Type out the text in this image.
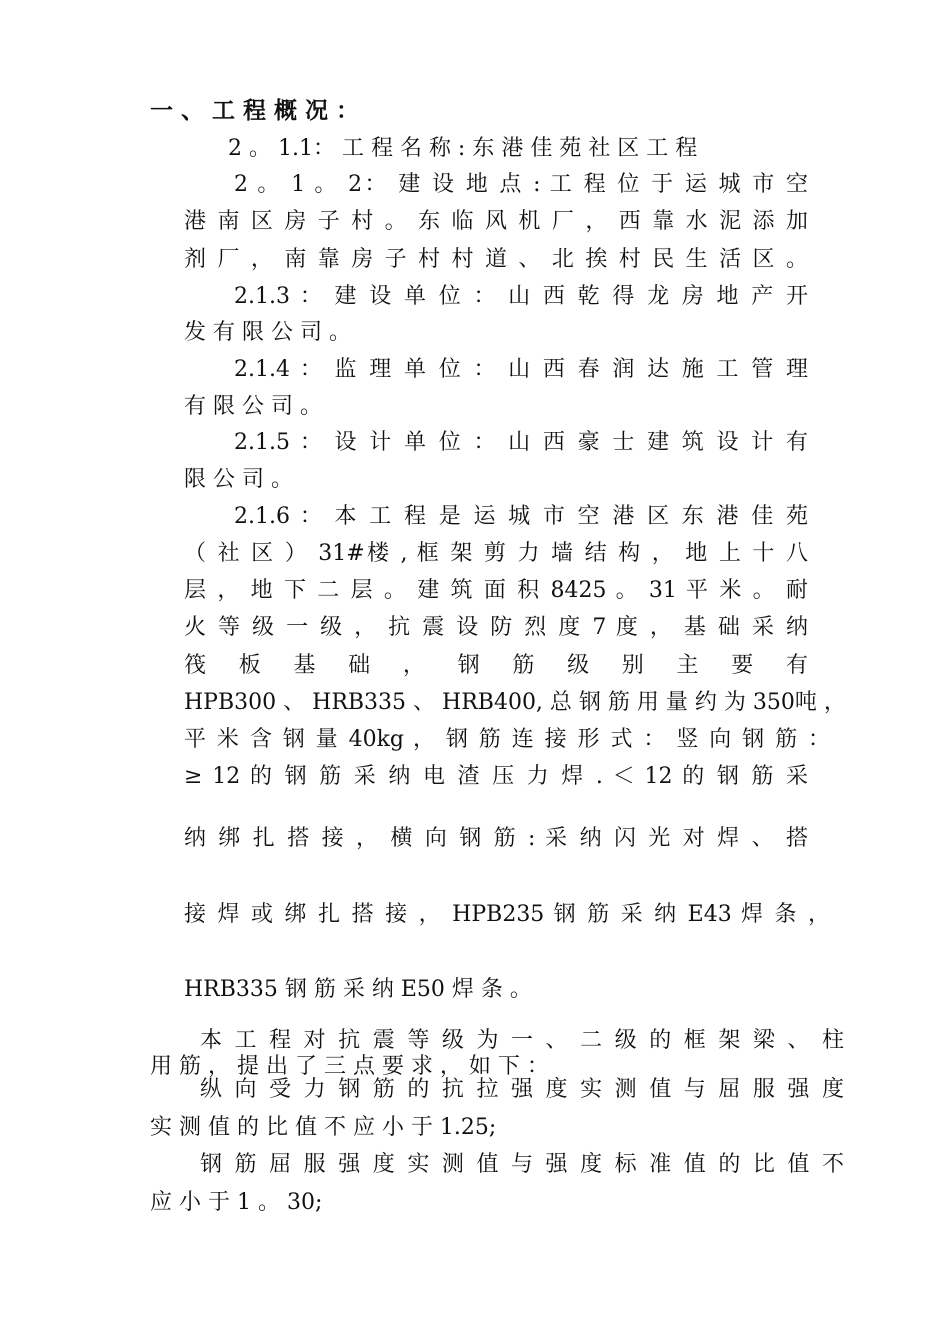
一 、 工 程 概 况 ：
2 。 1.1： 工 程 名 称 : 东 港 佳 苑 社 区 工 程
2 。 1 。 2： 建 设 地 点 : 工 程 位 于 运 城 市 空
港 南 区 房 子 村 。 东 临 风 机 厂 ， 西 靠 水 泥 添 加
剂 厂 ， 南 靠 房 子 村 村 道 、 北 挨 村 民 生 活 区 。
2.1.3 ： 建 设 单 位 ： 山 西 乾 得 龙 房 地 产 开
发 有 限 公 司 。
2.1.4 ： 监 理 单 位 ： 山 西 春 润 达 施 工 管 理
有 限 公 司 。
2.1.5 ： 设 计 单 位 ： 山 西 豪 士 建 筑 设 计 有
限 公 司 。
2.1.6 ： 本 工 程 是 运 城 市 空 港 区 东 港 佳 苑
（ 社 区 ） 31#楼 , 框 架 剪 力 墙 结 构 ， 地 上 十 八
层 ， 地 下 二 层 。 建 筑 面 积 8425 。 31 平 米 。 耐
火 等 级 一 级 ， 抗 震 设 防 烈 度 7 度 ， 基 础 采 纳
筏 板 基 础 ， 钢 筋 级 别 主 要 有
HPB300 、 HRB335 、 HRB400, 总 钢 筋 用 量 约 为 350吨 ，
平 米 含 钢 量 40kg ， 钢 筋 连 接 形 式 ： 竖 向 钢 筋 ：
≥ 12 的 钢 筋 采 纳 电 渣 压 力 焊 . ＜ 12 的 钢 筋 采
纳 绑 扎 搭 接 ， 横 向 钢 筋 : 采 纳 闪 光 对 焊 、 搭
接 焊 或 绑 扎 搭 接 ， HPB235 钢 筋 采 纳 E43 焊 条 ，
HRB335 钢 筋 采 纳 E50 焊 条 。
本 工 程 对 抗 震 等 级 为 一 、 二 级 的 框 架 梁 、 柱
用 筋 ， 提 出 了 三 点 要 求 ， 如 下 ：
纵 向 受 力 钢 筋 的 抗 拉 强 度 实 测 值 与 屈 服 强 度
实 测 值 的 比 值 不 应 小 于 1.25;
钢 筋 屈 服 强 度 实 测 值 与 强 度 标 准 值 的 比 值 不
应 小 于 1 。 30;
